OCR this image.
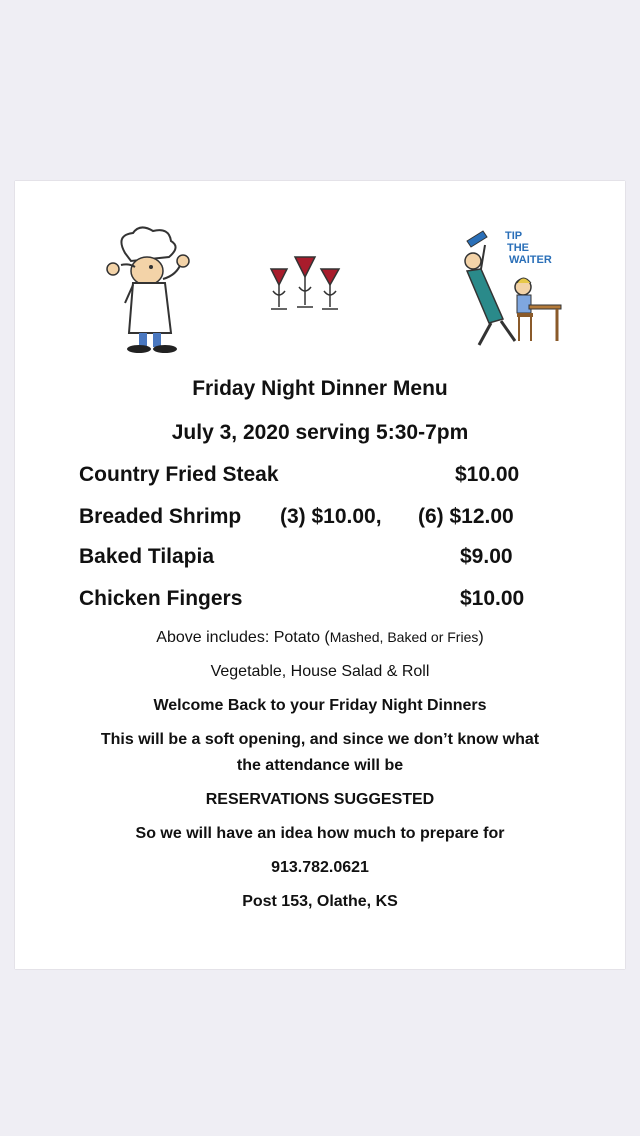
TIP
THE
WAITER
Friday Night Dinner Menu
July 3, 2020 serving 5:30-7pm
Country Fried Steak	$10.00
Breaded Shrimp (3) $10.00, (6) $12.00
Baked Tilapia	$9.00
Chicken Fingers	$10.00
Above includes: Potato (Mashed, Baked or Fries)
Vegetable, House Salad & Roll
Welcome Back to your Friday Night Dinners
This will be a soft opening, and since we don’t know what
the attendance will be
RESERVATIONS SUGGESTED
So we will have an idea how much to prepare for
913.782.0621
Post 153, Olathe, KS
